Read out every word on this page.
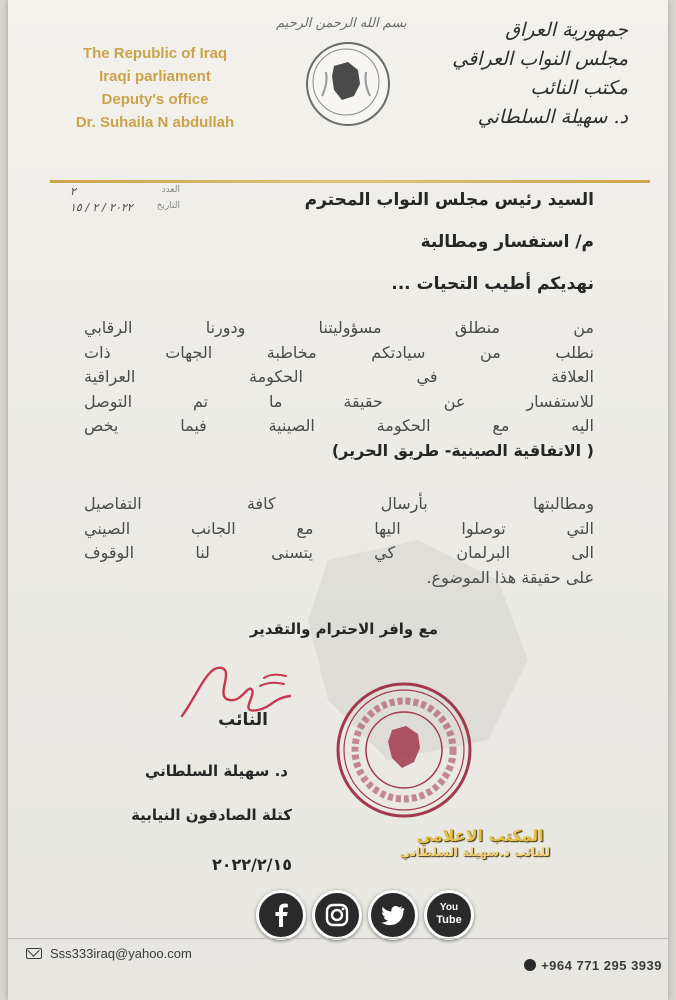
بسم الله الرحمن الرحيم
The Republic of Iraq
Iraqi parliament
Deputy's office
Dr. Suhaila N abdullah
جمهورية العراق
مجلس النواب العراقي
مكتب النائب
د. سهيلة السلطاني
٢	العدد
٢٠٢٢ / ٢ / ١٥	التاريخ	السيد رئيس مجلس النواب المحترم
م/ استفسار ومطالبة
نهديكم أطيب التحيات ...
من منطلق مسؤوليتنا ودورنا الرقابي
نطلب من سيادتكم مخاطبة الجهات ذات
العلاقة في الحكومة العراقية
للاستفسار عن حقيقة ما تم التوصل
اليه مع الحكومة الصينية فيما يخص
( الاتفاقية الصينية- طريق الحرير)
ومطالبتها بأرسال كافة التفاصيل
التي توصلوا اليها مع الجانب الصيني
الى البرلمان كي يتسنى لنا الوقوف
على حقيقة هذا الموضوع.
مع وافر الاحترام والتقدير
النائب
د. سهيلة السلطاني
كتلة الصادقون النيابية
٢٠٢٢/٢/١٥
المكتب الاعلامي
للنائب د.سهيلة السلطاني
You
Tube
Sss333iraq@yahoo.com
+964 771 295 3939
